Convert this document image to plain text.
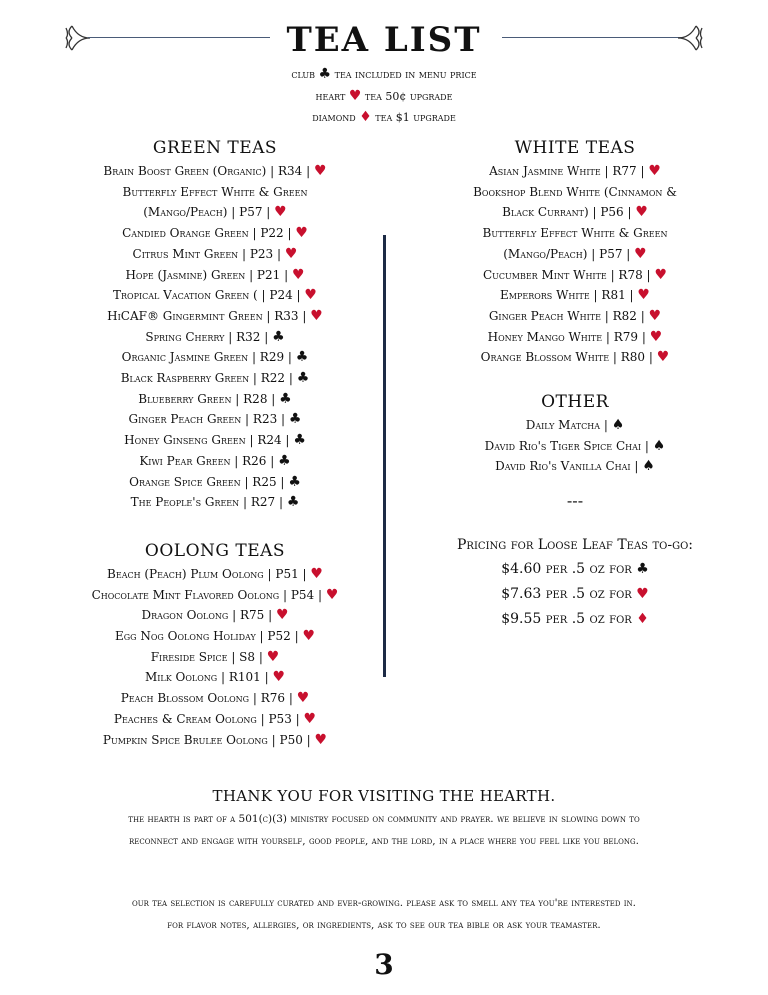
TEA LIST
club ♣ tea included in menu price
heart ♥ tea 50¢ upgrade
diamond ♦ tea $1 upgrade
GREEN TEAS
Brain Boost Green (Organic) | R34 | ♥
Butterfly Effect White & Green
(Mango/Peach) | P57 | ♥
Candied Orange Green | P22 | ♥
Citrus Mint Green | P23 | ♥
Hope (Jasmine) Green | P21 | ♥
Tropical Vacation Green ( | P24 | ♥
HiCAF® Gingermint Green | R33 | ♥
Spring Cherry | R32 | ♣
Organic Jasmine Green | R29 | ♣
Black Raspberry Green | R22 | ♣
Blueberry Green | R28 | ♣
Ginger Peach Green | R23 | ♣
Honey Ginseng Green | R24 | ♣
Kiwi Pear Green | R26 | ♣
Orange Spice Green | R25 | ♣
The People's Green | R27 | ♣
OOLONG TEAS
Beach (Peach) Plum Oolong | P51 | ♥
Chocolate Mint Flavored Oolong | P54 | ♥
Dragon Oolong | R75 | ♥
Egg Nog Oolong Holiday | P52 | ♥
Fireside Spice | S8 | ♥
Milk Oolong | R101 | ♥
Peach Blossom Oolong | R76 | ♥
Peaches & Cream Oolong | P53 | ♥
Pumpkin Spice Brulee Oolong | P50 | ♥
WHITE TEAS
Asian Jasmine White | R77 | ♥
Bookshop Blend White (Cinnamon &
Black Currant) | P56 | ♥
Butterfly Effect White & Green
(Mango/Peach) | P57 | ♥
Cucumber Mint White | R78 | ♥
Emperors White | R81 | ♥
Ginger Peach White | R82 | ♥
Honey Mango White | R79 | ♥
Orange Blossom White | R80 | ♥
OTHER
Daily Matcha | ♠
David Rio's Tiger Spice Chai | ♠
David Rio's Vanilla Chai | ♠
---
Pricing for Loose Leaf Teas to-go:
$4.60 per .5 oz for ♣
$7.63 per .5 oz for ♥
$9.55 per .5 oz for ♦
THANK YOU FOR VISITING THE HEARTH.
the hearth is part of a 501(c)(3) ministry focused on community and prayer. we believe in slowing down to
reconnect and engage with yourself, good people, and the lord, in a place where you feel like you belong.
our tea selection is carefully curated and ever-growing. please ask to smell any tea you're interested in.
for flavor notes, allergies, or ingredients, ask to see our tea bible or ask your teamaster.
3
